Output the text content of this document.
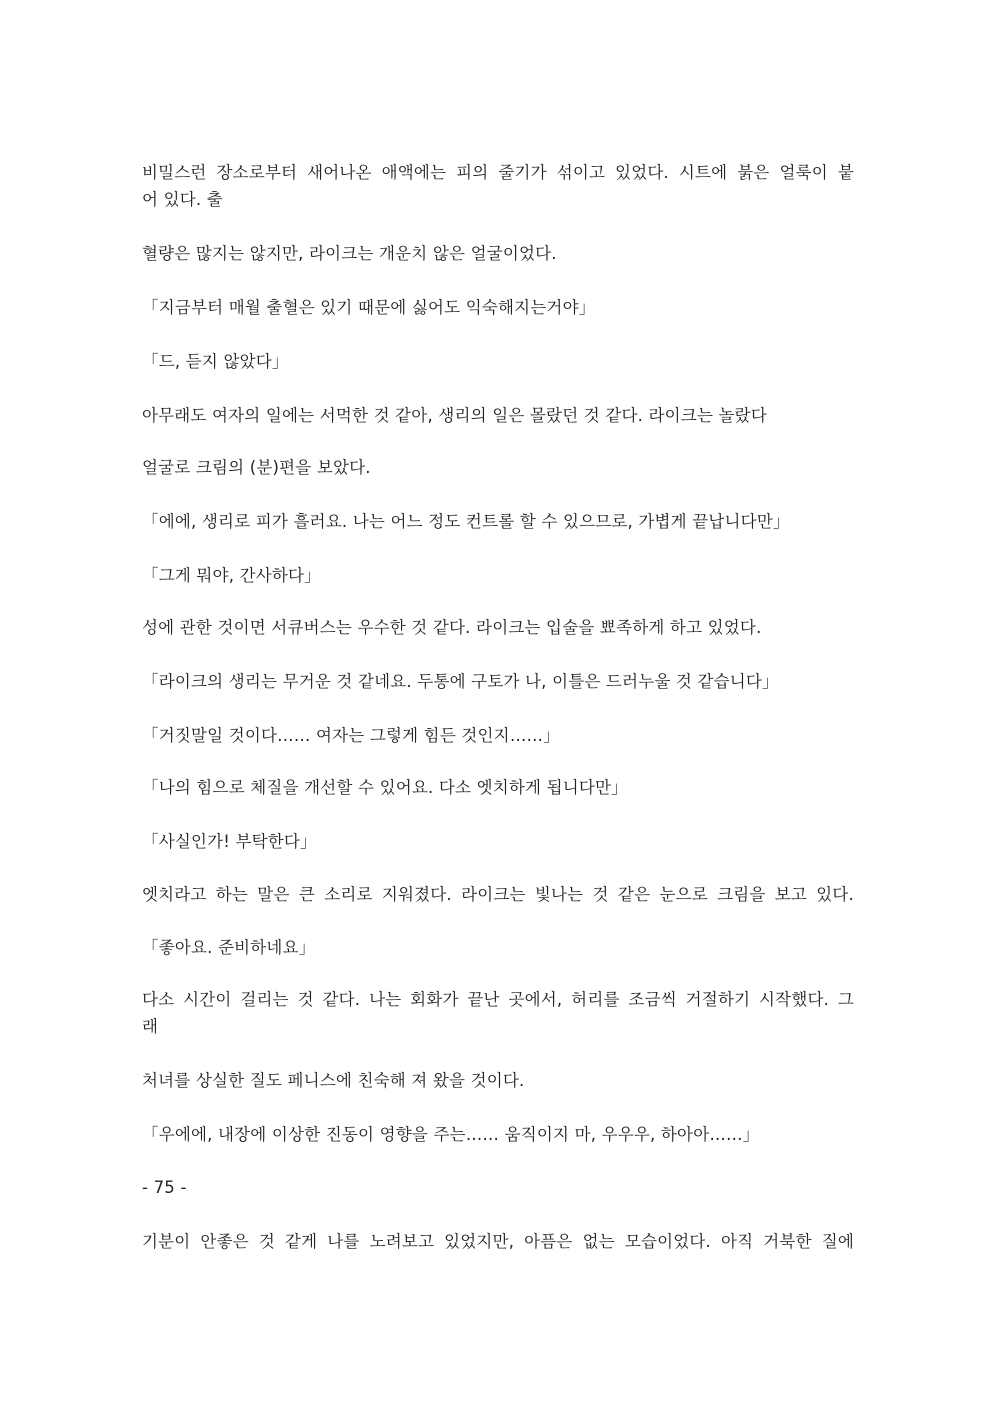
비밀스런 장소로부터 새어나온 애액에는 피의 줄기가 섞이고 있었다. 시트에 붉은 얼룩이 붙
어 있다. 출
혈량은 많지는 않지만, 라이크는 개운치 않은 얼굴이었다.
「지금부터 매월 출혈은 있기 때문에 싫어도 익숙해지는거야」
「드, 듣지 않았다」
아무래도 여자의 일에는 서먹한 것 같아, 생리의 일은 몰랐던 것 같다. 라이크는 놀랐다
얼굴로 크림의 (분)편을 보았다.
「에에, 생리로 피가 흘러요. 나는 어느 정도 컨트롤 할 수 있으므로, 가볍게 끝납니다만」
「그게 뭐야, 간사하다」
성에 관한 것이면 서큐버스는 우수한 것 같다. 라이크는 입술을 뾰족하게 하고 있었다.
「라이크의 생리는 무거운 것 같네요. 두통에 구토가 나, 이틀은 드러누울 것 같습니다」
「거짓말일 것이다…… 여자는 그렇게 힘든 것인지……」
「나의 힘으로 체질을 개선할 수 있어요. 다소 엣치하게 됩니다만」
「사실인가! 부탁한다」
엣치라고 하는 말은 큰 소리로 지워졌다. 라이크는 빛나는 것 같은 눈으로 크림을 보고 있다.
「좋아요. 준비하네요」
다소 시간이 걸리는 것 같다. 나는 회화가 끝난 곳에서, 허리를 조금씩 거절하기 시작했다. 그
래
처녀를 상실한 질도 페니스에 친숙해 져 왔을 것이다.
「우에에, 내장에 이상한 진동이 영향을 주는…… 움직이지 마, 우우우, 하아아……」
- 75 -
기분이 안좋은 것 같게 나를 노려보고 있었지만, 아픔은 없는 모습이었다. 아직 거북한 질에
